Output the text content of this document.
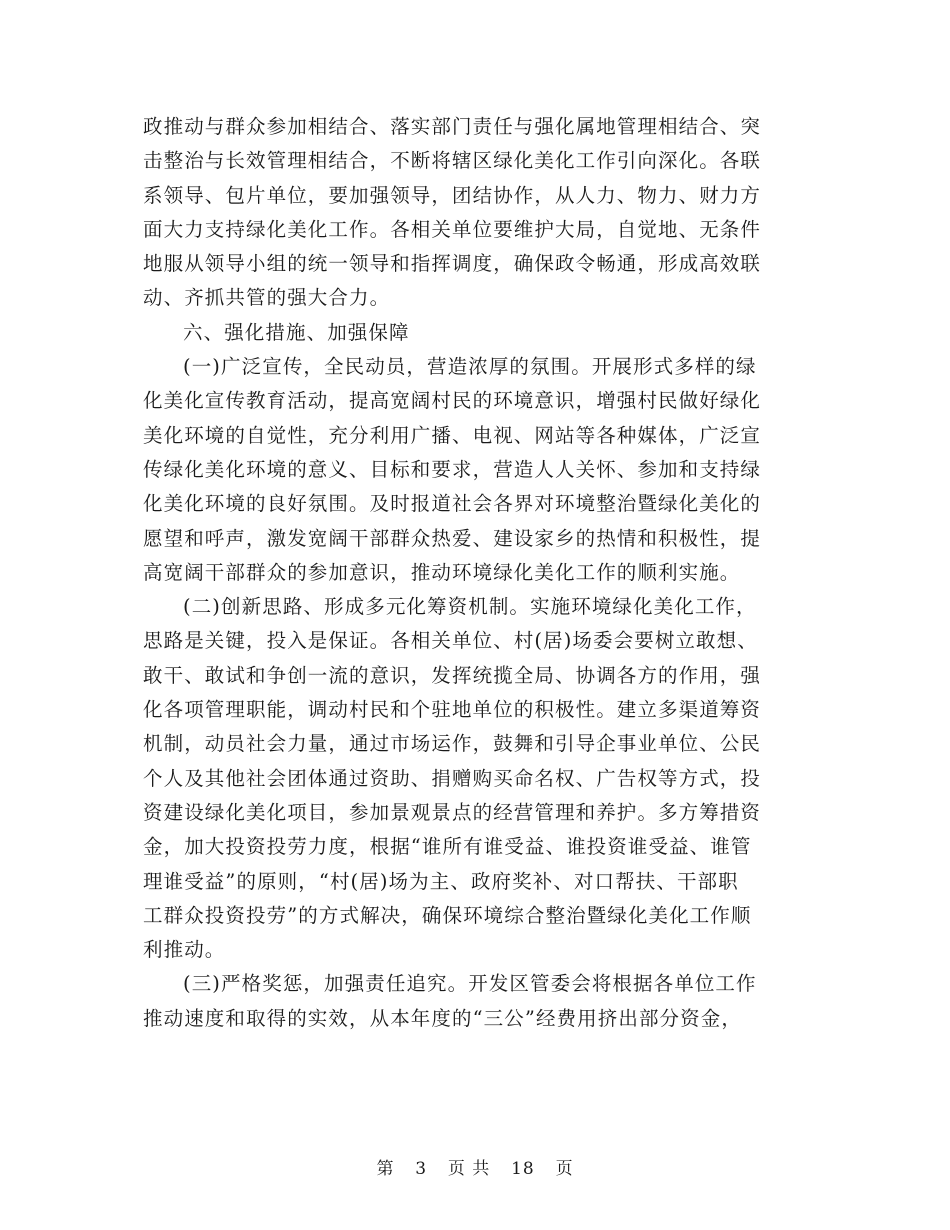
政推动与群众参加相结合、落实部门责任与强化属地管理相结合、突
击整治与长效管理相结合，不断将辖区绿化美化工作引向深化。各联
系领导、包片单位，要加强领导，团结协作，从人力、物力、财力方
面大力支持绿化美化工作。各相关单位要维护大局，自觉地、无条件
地服从领导小组的统一领导和指挥调度，确保政令畅通，形成高效联
动、齐抓共管的强大合力。
六、强化措施、加强保障
(一)广泛宣传，全民动员，营造浓厚的氛围。开展形式多样的绿
化美化宣传教育活动，提高宽阔村民的环境意识，增强村民做好绿化
美化环境的自觉性，充分利用广播、电视、网站等各种媒体，广泛宣
传绿化美化环境的意义、目标和要求，营造人人关怀、参加和支持绿
化美化环境的良好氛围。及时报道社会各界对环境整治暨绿化美化的
愿望和呼声，激发宽阔干部群众热爱、建设家乡的热情和积极性，提
高宽阔干部群众的参加意识，推动环境绿化美化工作的顺利实施。
(二)创新思路、形成多元化筹资机制。实施环境绿化美化工作，
思路是关键，投入是保证。各相关单位、村(居)场委会要树立敢想、
敢干、敢试和争创一流的意识，发挥统揽全局、协调各方的作用，强
化各项管理职能，调动村民和个驻地单位的积极性。建立多渠道筹资
机制，动员社会力量，通过市场运作，鼓舞和引导企事业单位、公民
个人及其他社会团体通过资助、捐赠购买命名权、广告权等方式，投
资建设绿化美化项目，参加景观景点的经营管理和养护。多方筹措资
金，加大投资投劳力度，根据“谁所有谁受益、谁投资谁受益、谁管
理谁受益”的原则，“村(居)场为主、政府奖补、对口帮扶、干部职
工群众投资投劳”的方式解决，确保环境综合整治暨绿化美化工作顺
利推动。
(三)严格奖惩，加强责任追究。开发区管委会将根据各单位工作
推动速度和取得的实效，从本年度的“三公”经费用挤出部分资金，
第 3 页 共 18 页
